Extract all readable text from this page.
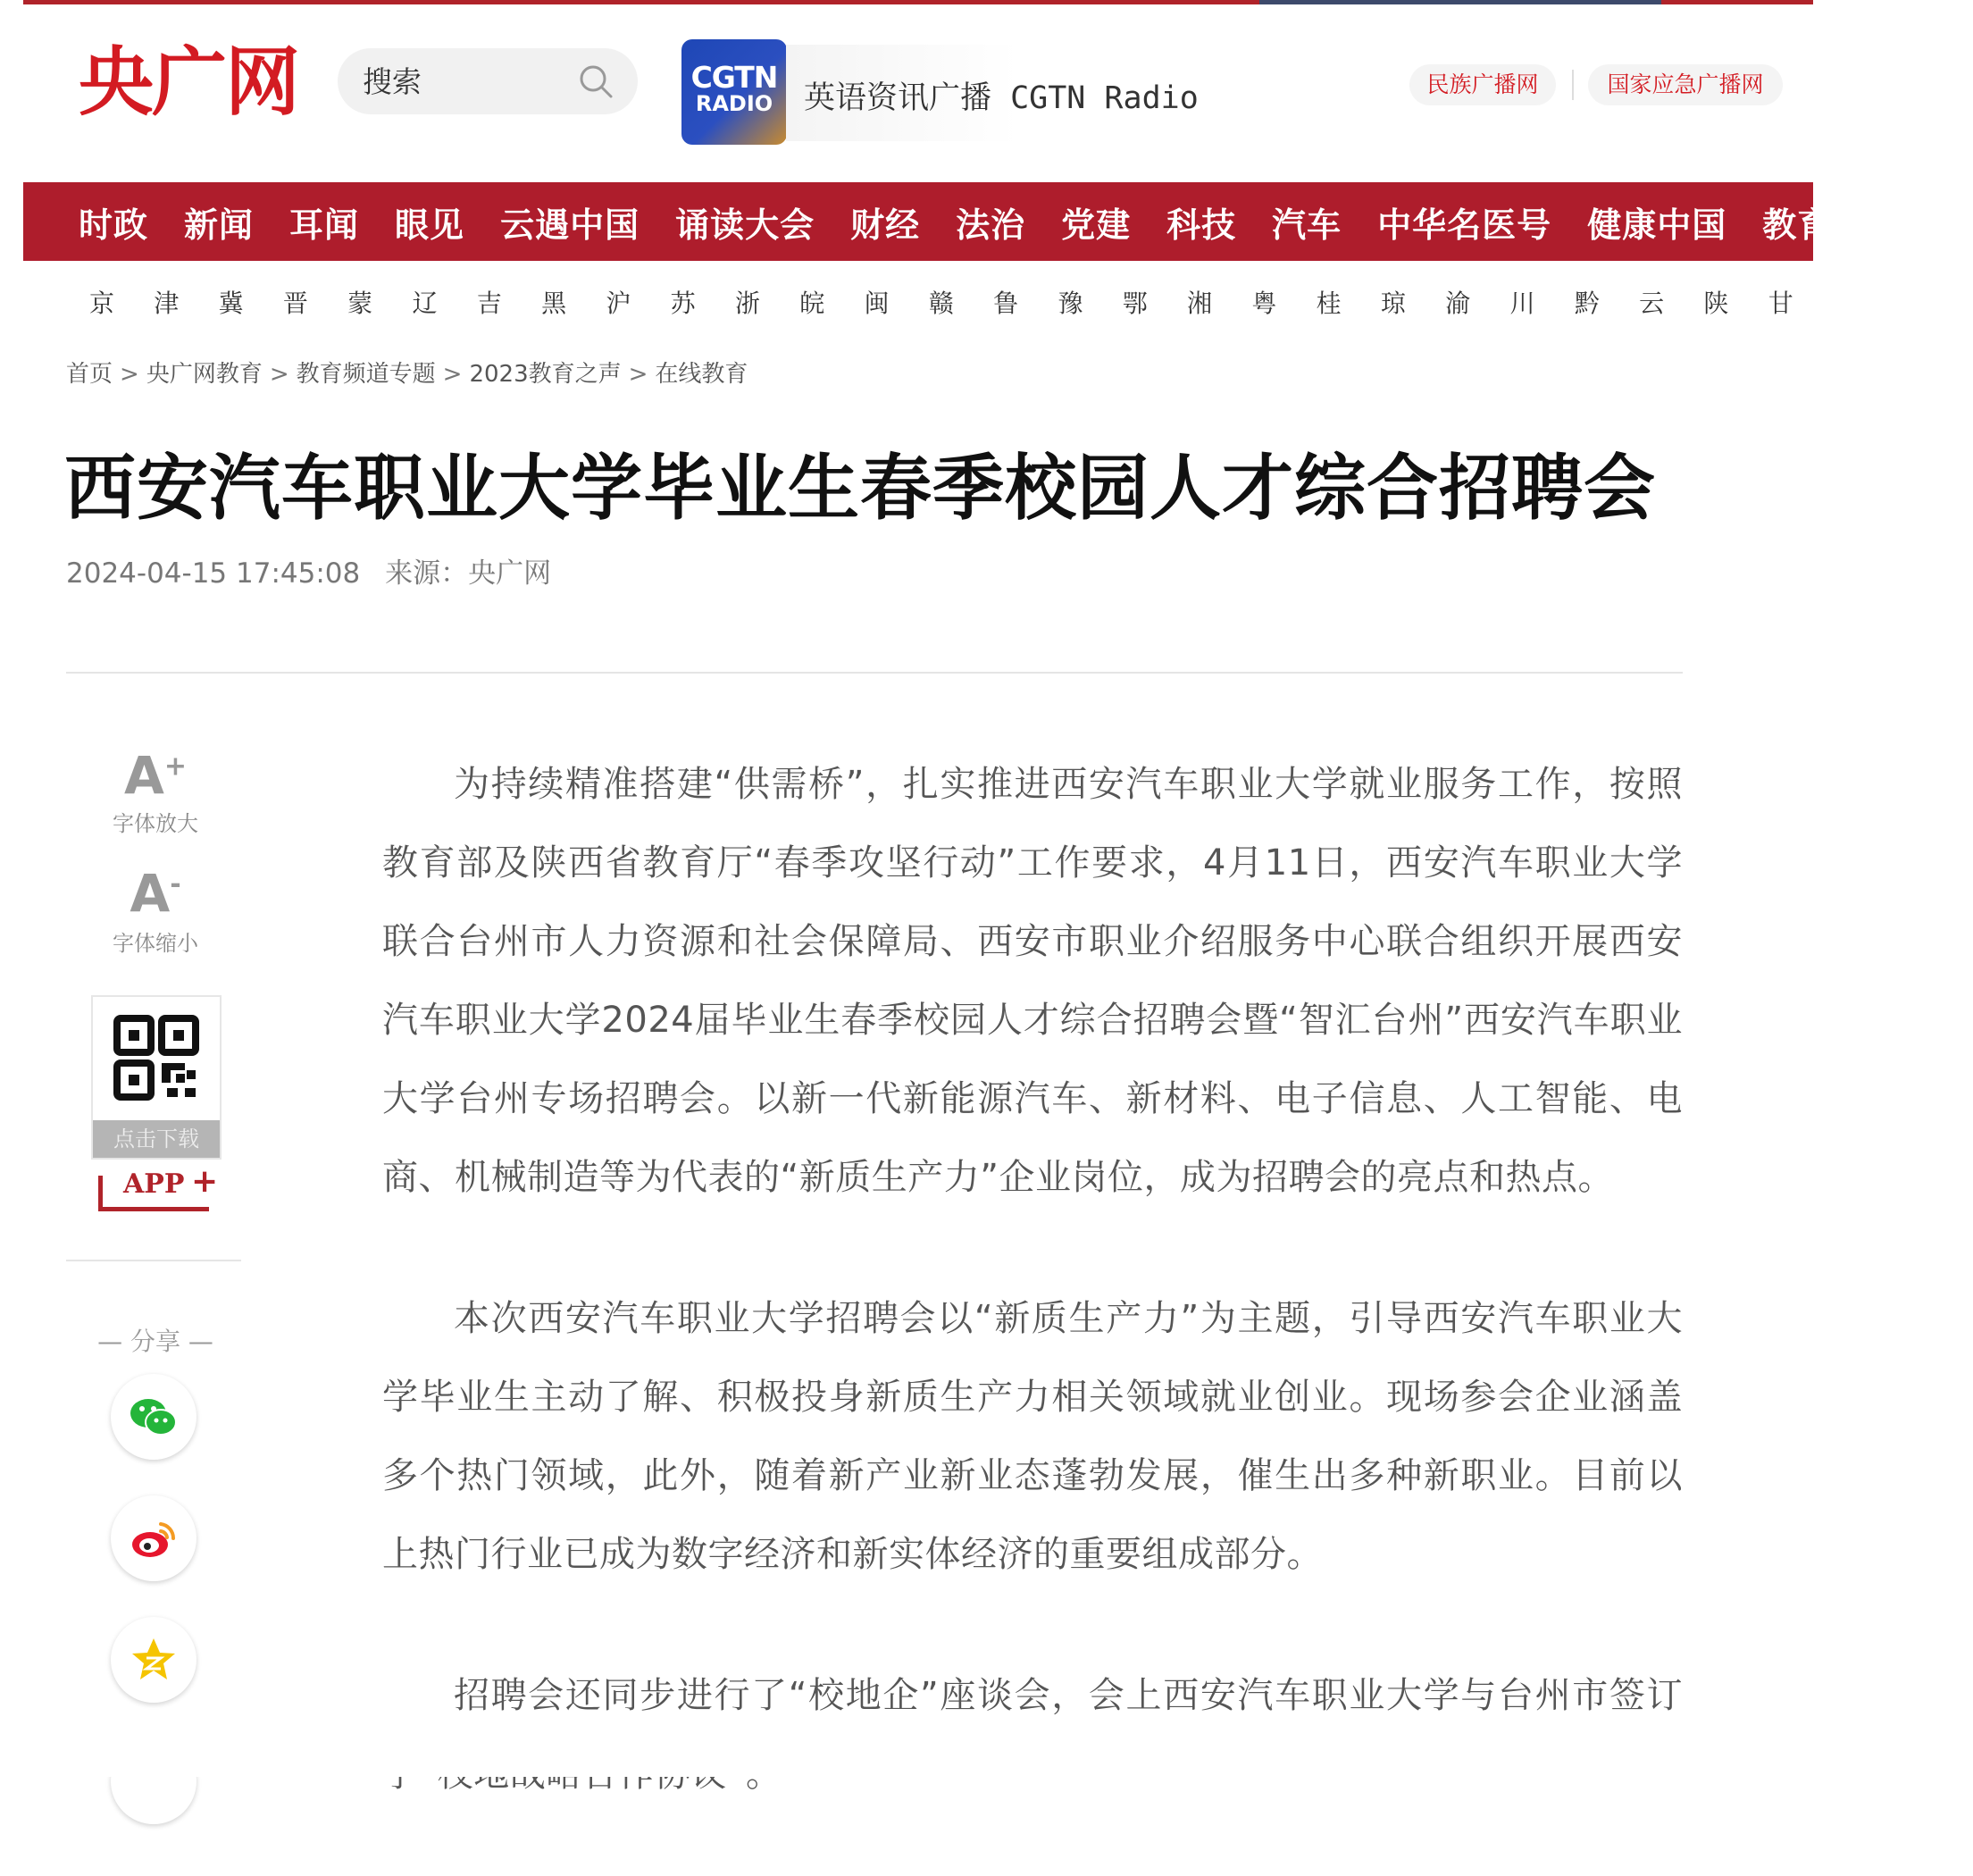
央广网
搜索	CGTN
RADIO 英语资讯广播 CGTN Radio	民族广播网	国家应急广播网
时政 新闻 耳闻 眼见 云遇中国 诵读大会 财经 法治 党建 科技 汽车 中华名医号 健康中国 教育 文旅
京 津 冀 晋 蒙 辽 吉 黑 沪 苏 浙 皖 闽 赣 鲁 豫 鄂 湘 粤 桂 琼 渝 川 黔 云 陕 甘
首页 > 央广网教育 > 教育频道专题 > 2023教育之声 > 在线教育
西安汽车职业大学毕业生春季校园人才综合招聘会
2024-04-15 17:45:08 来源：央广网
A+
字体放大
A-
字体缩小
点击下载
APP +
— 分享 —

为持续精准搭建“供需桥”，扎实推进西安汽车职业大学就业服务工作，按照教育部及陕西省教育厅“春季攻坚行动”工作要求，4月11日，西安汽车职业大学联合台州市人力资源和社会保障局、西安市职业介绍服务中心联合组织开展西安汽车职业大学2024届毕业生春季校园人才综合招聘会暨“智汇台州”西安汽车职业大学台州专场招聘会。以新一代新能源汽车、新材料、电子信息、人工智能、电商、机械制造等为代表的“新质生产力”企业岗位，成为招聘会的亮点和热点。

本次西安汽车职业大学招聘会以“新质生产力”为主题，引导西安汽车职业大学毕业生主动了解、积极投身新质生产力相关领域就业创业。现场参会企业涵盖多个热门领域，此外，随着新产业新业态蓬勃发展，催生出多种新职业。目前以上热门行业已成为数字经济和新实体经济的重要组成部分。

招聘会还同步进行了“校地企”座谈会，会上西安汽车职业大学与台州市签订
